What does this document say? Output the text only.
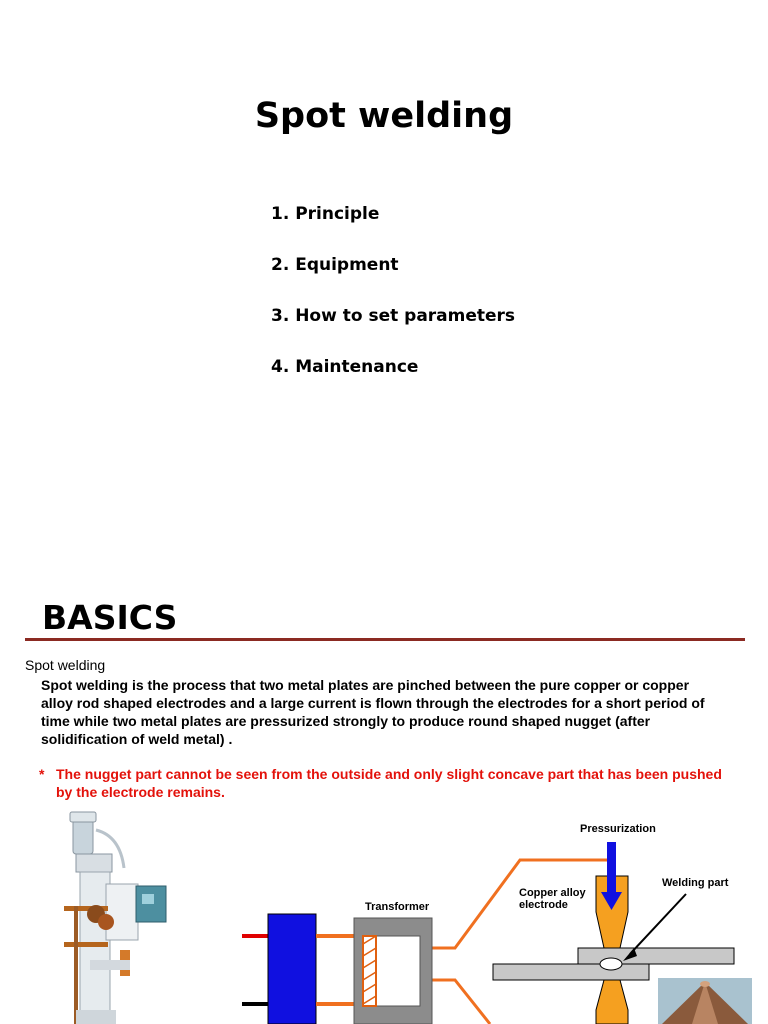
Spot welding
1. Principle
2. Equipment
3. How to set parameters
4. Maintenance
BASICS
Spot welding
Spot welding is the process that two metal plates are pinched between the pure copper or copper alloy rod shaped electrodes and a large current is flown through the electrodes for a short period of time while two metal plates are pressurized strongly to produce round shaped nugget (after solidification of weld metal) .
* The nugget part cannot be seen from the outside and only slight concave part that has been pushed by the electrode remains.
Pressurization
Welding part
Copper alloy
electrode
Transformer
